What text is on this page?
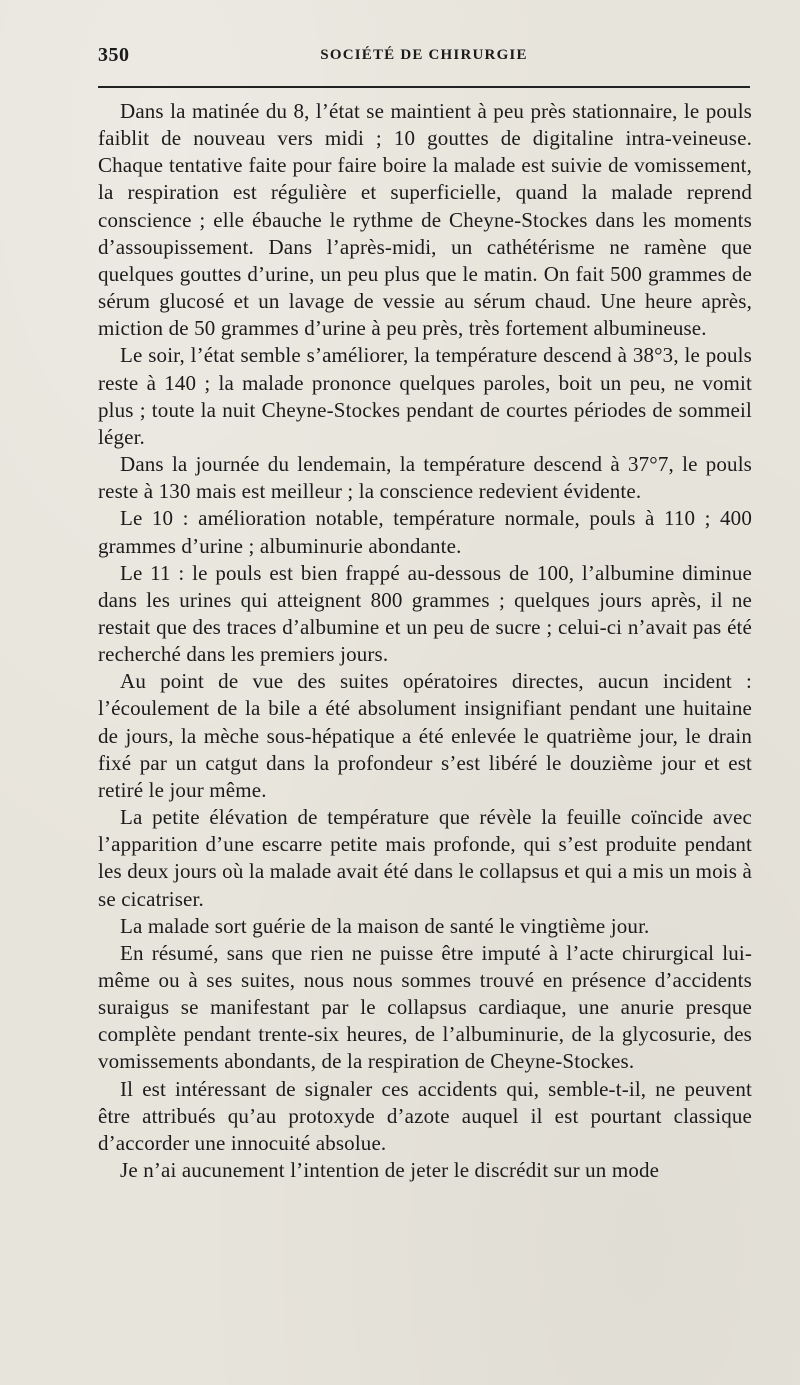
350	SOCIÉTÉ DE CHIRURGIE

Dans la matinée du 8, l’état se maintient à peu près stationnaire, le pouls faiblit de nouveau vers midi ; 10 gouttes de digitaline intra-veineuse. Chaque tentative faite pour faire boire la malade est suivie de vomissement, la respiration est régulière et superficielle, quand la malade reprend conscience ; elle ébauche le rythme de Cheyne-Stockes dans les moments d’assoupissement. Dans l’après-midi, un cathétérisme ne ramène que quelques gouttes d’urine, un peu plus que le matin. On fait 500 grammes de sérum glucosé et un lavage de vessie au sérum chaud. Une heure après, miction de 50 grammes d’urine à peu près, très fortement albumineuse.

Le soir, l’état semble s’améliorer, la température descend à 38°3, le pouls reste à 140 ; la malade prononce quelques paroles, boit un peu, ne vomit plus ; toute la nuit Cheyne-Stockes pendant de courtes périodes de sommeil léger.

Dans la journée du lendemain, la température descend à 37°7, le pouls reste à 130 mais est meilleur ; la conscience redevient évidente.

Le 10 : amélioration notable, température normale, pouls à 110 ; 400 grammes d’urine ; albuminurie abondante.

Le 11 : le pouls est bien frappé au-dessous de 100, l’albumine diminue dans les urines qui atteignent 800 grammes ; quelques jours après, il ne restait que des traces d’albumine et un peu de sucre ; celui-ci n’avait pas été recherché dans les premiers jours.

Au point de vue des suites opératoires directes, aucun incident : l’écoulement de la bile a été absolument insignifiant pendant une huitaine de jours, la mèche sous-hépatique a été enlevée le quatrième jour, le drain fixé par un catgut dans la profondeur s’est libéré le douzième jour et est retiré le jour même.

La petite élévation de température que révèle la feuille coïncide avec l’apparition d’une escarre petite mais profonde, qui s’est produite pendant les deux jours où la malade avait été dans le collapsus et qui a mis un mois à se cicatriser.

La malade sort guérie de la maison de santé le vingtième jour.

En résumé, sans que rien ne puisse être imputé à l’acte chirurgical lui-même ou à ses suites, nous nous sommes trouvé en présence d’accidents suraigus se manifestant par le collapsus cardiaque, une anurie presque complète pendant trente-six heures, de l’albuminurie, de la glycosurie, des vomissements abondants, de la respiration de Cheyne-Stockes.

Il est intéressant de signaler ces accidents qui, semble-t-il, ne peuvent être attribués qu’au protoxyde d’azote auquel il est pourtant classique d’accorder une innocuité absolue.

Je n’ai aucunement l’intention de jeter le discrédit sur un mode
